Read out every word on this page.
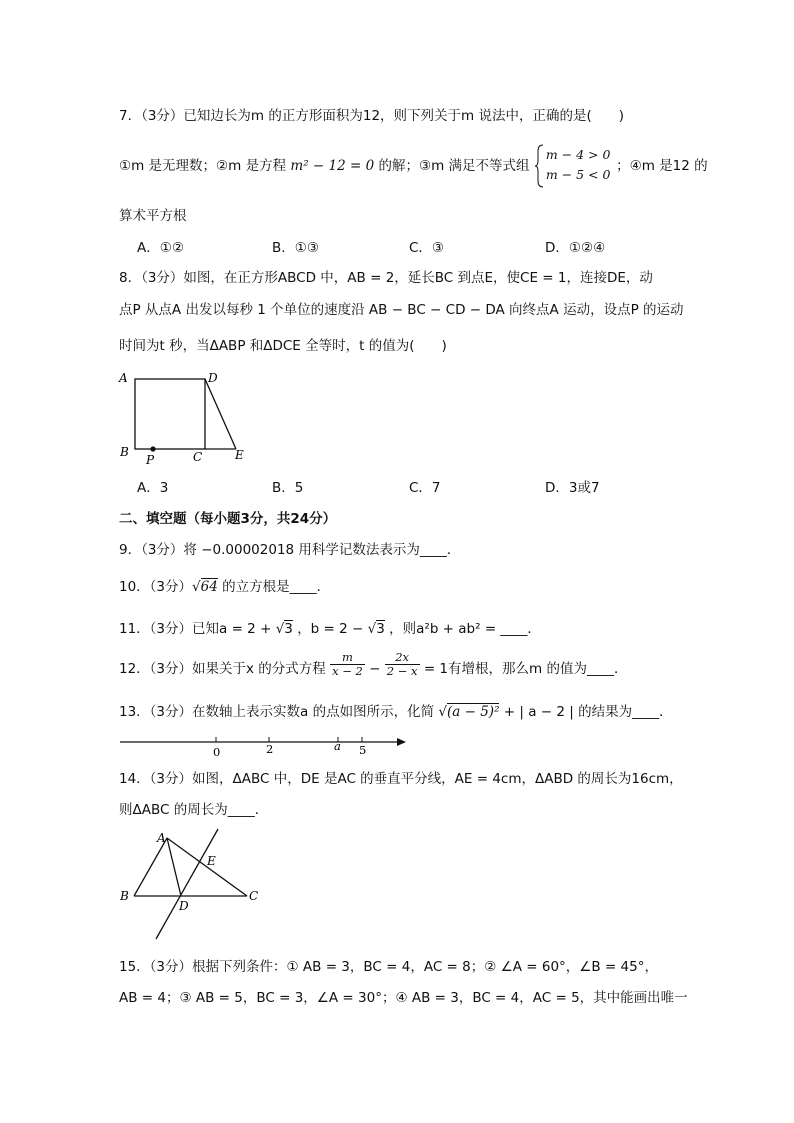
7．（3分）已知边长为m 的正方形面积为12，则下列关于m 说法中，正确的是(　　)
①m 是无理数；②m 是方程 m² − 12 = 0 的解；③m 满足不等式组
m − 4 > 0
m − 5 < 0
；④m 是12 的
算术平方根
A．①②	B．①③	C．③	D．①②④
8．（3分）如图，在正方形ABCD 中，AB = 2，延长BC 到点E，使CE = 1，连接DE，动
点P 从点A 出发以每秒 1 个单位的速度沿 AB − BC − CD − DA 向终点A 运动，设点P 的运动
时间为t 秒，当ΔABP 和ΔDCE 全等时，t 的值为(　　)
A	D
B
P	C	E
A．3	B．5	C．7	D．3或7
二、填空题（每小题3分，共24分）
9．（3分）将 −0.00002018 用科学记数法表示为____．
10．（3分）√64 的立方根是____．
11．（3分）已知a = 2 + √3 ，b = 2 − √3 ，则a²b + ab² = ____．
12．（3分）如果关于x 的分式方程 $\frac{m}{x - 2} - \frac{2x}{2 - x} = 1$有增根，那么m 的值为____．
13．（3分）在数轴上表示实数a 的点如图所示，化简 √(a − 5)² + | a − 2 | 的结果为____．
0	2	a 5
14．（3分）如图，ΔABC 中，DE 是AC 的垂直平分线，AE = 4cm，ΔABD 的周长为16cm，
则ΔABC 的周长为____．
A
B	C
D
E
15．（3分）根据下列条件：① AB = 3，BC = 4，AC = 8；② ∠A = 60°，∠B = 45°，
AB = 4；③ AB = 5，BC = 3，∠A = 30°；④ AB = 3，BC = 4，AC = 5，其中能画出唯一
